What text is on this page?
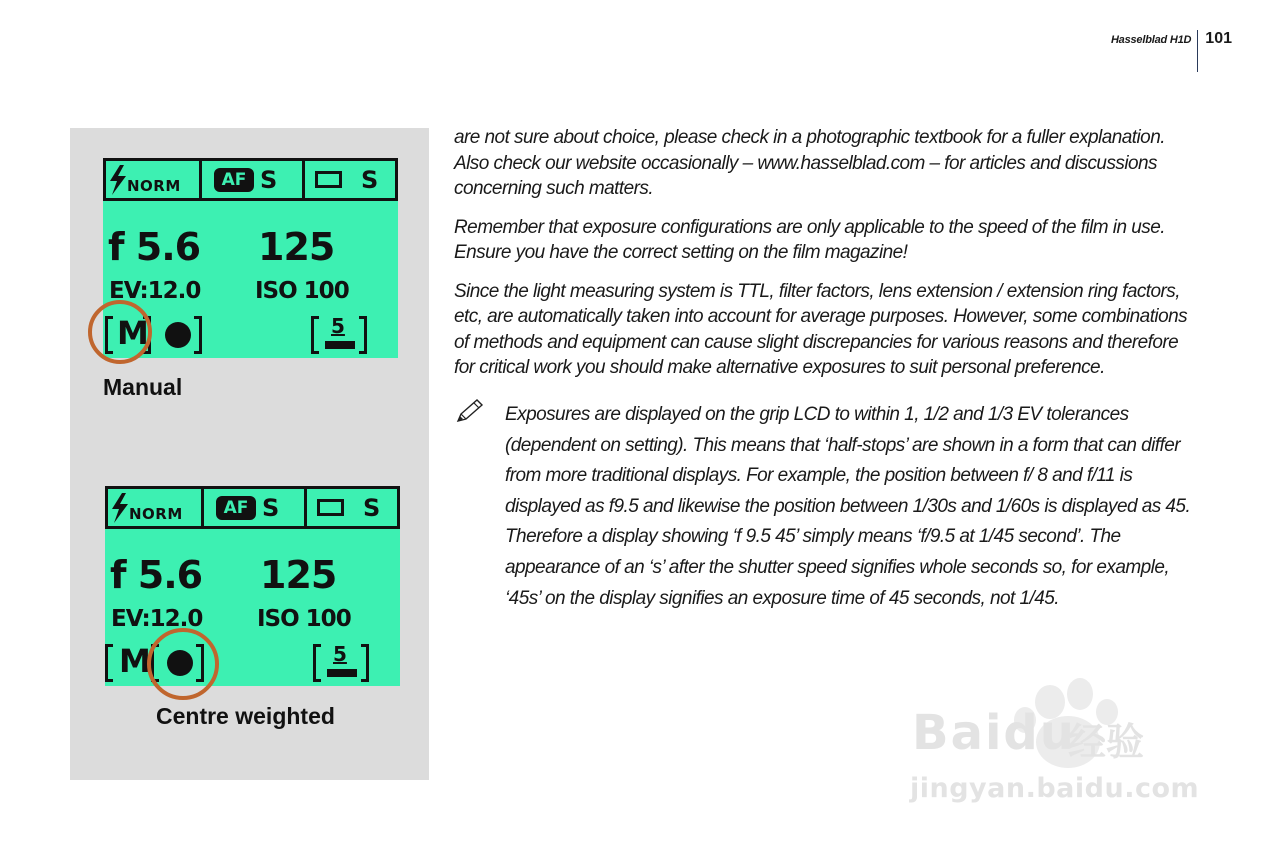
Hasselblad H1D 101
NORM	AF S	S
f 5.6 125
EV:12.0 ISO 100
M	5
Manual
NORM	AF S	S
f 5.6 125
EV:12.0 ISO 100
M	5
Centre weighted

are not sure about choice, please check in a photographic textbook for a fuller explanation. Also check our website occasionally – www.hasselblad.com – for articles and discussions concerning such matters.

Remember that exposure configurations are only applicable to the speed of the film in use. Ensure you have the correct setting on the film magazine!

Since the light measuring system is TTL, filter factors, lens extension / extension ring factors, etc, are automatically taken into account for average purposes. However, some combinations of methods and equipment can cause slight discrepancies for various reasons and therefore for critical work you should make alternative exposures to suit personal preference.

Exposures are displayed on the grip LCD to within 1, 1/2 and 1/3 EV tolerances (dependent on setting). This means that ‘half-stops’ are shown in a form that can differ from more traditional displays. For example, the position between f/ 8 and f/11 is displayed as f9.5 and likewise the position between 1/30s and 1/60s is displayed as 45. Therefore a display showing ‘f 9.5 45’ simply means ‘f/9.5 at 1/45 second’. The appearance of an ‘s’ after the shutter speed signifies whole seconds so, for example, ‘45s’ on the display signifies an exposure time of 45 seconds, not 1/45.
Baidu
经验
jingyan.baidu.com
